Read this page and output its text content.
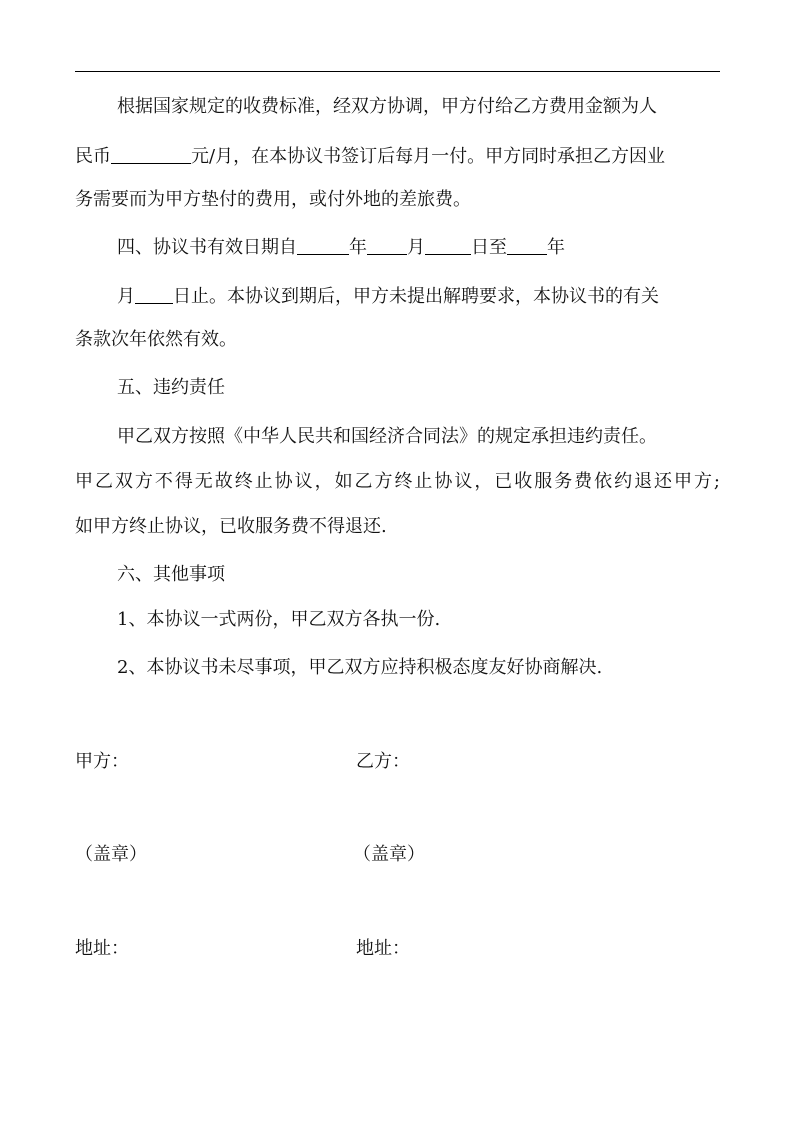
根据国家规定的收费标准，经双方协调，甲方付给乙方费用金额为人
民币	元/月，在本协议书签订后每月一付。甲方同时承担乙方因业
务需要而为甲方垫付的费用，或付外地的差旅费。
四、协议书有效日期自	年 月	日至 年
月 日止。本协议到期后，甲方未提出解聘要求，本协议书的有关
条款次年依然有效。
五、违约责任
甲乙双方按照《中华人民共和国经济合同法》的规定承担违约责任。
甲乙双方不得无故终止协议，如乙方终止协议，已收服务费依约退还甲方;
如甲方终止协议，已收服务费不得退还.
六、其他事项
1、本协议一式两份，甲乙双方各执一份.
2、本协议书未尽事项，甲乙双方应持积极态度友好协商解决.
甲方：	乙方：
（盖章）	（盖章）
地址：	地址：
